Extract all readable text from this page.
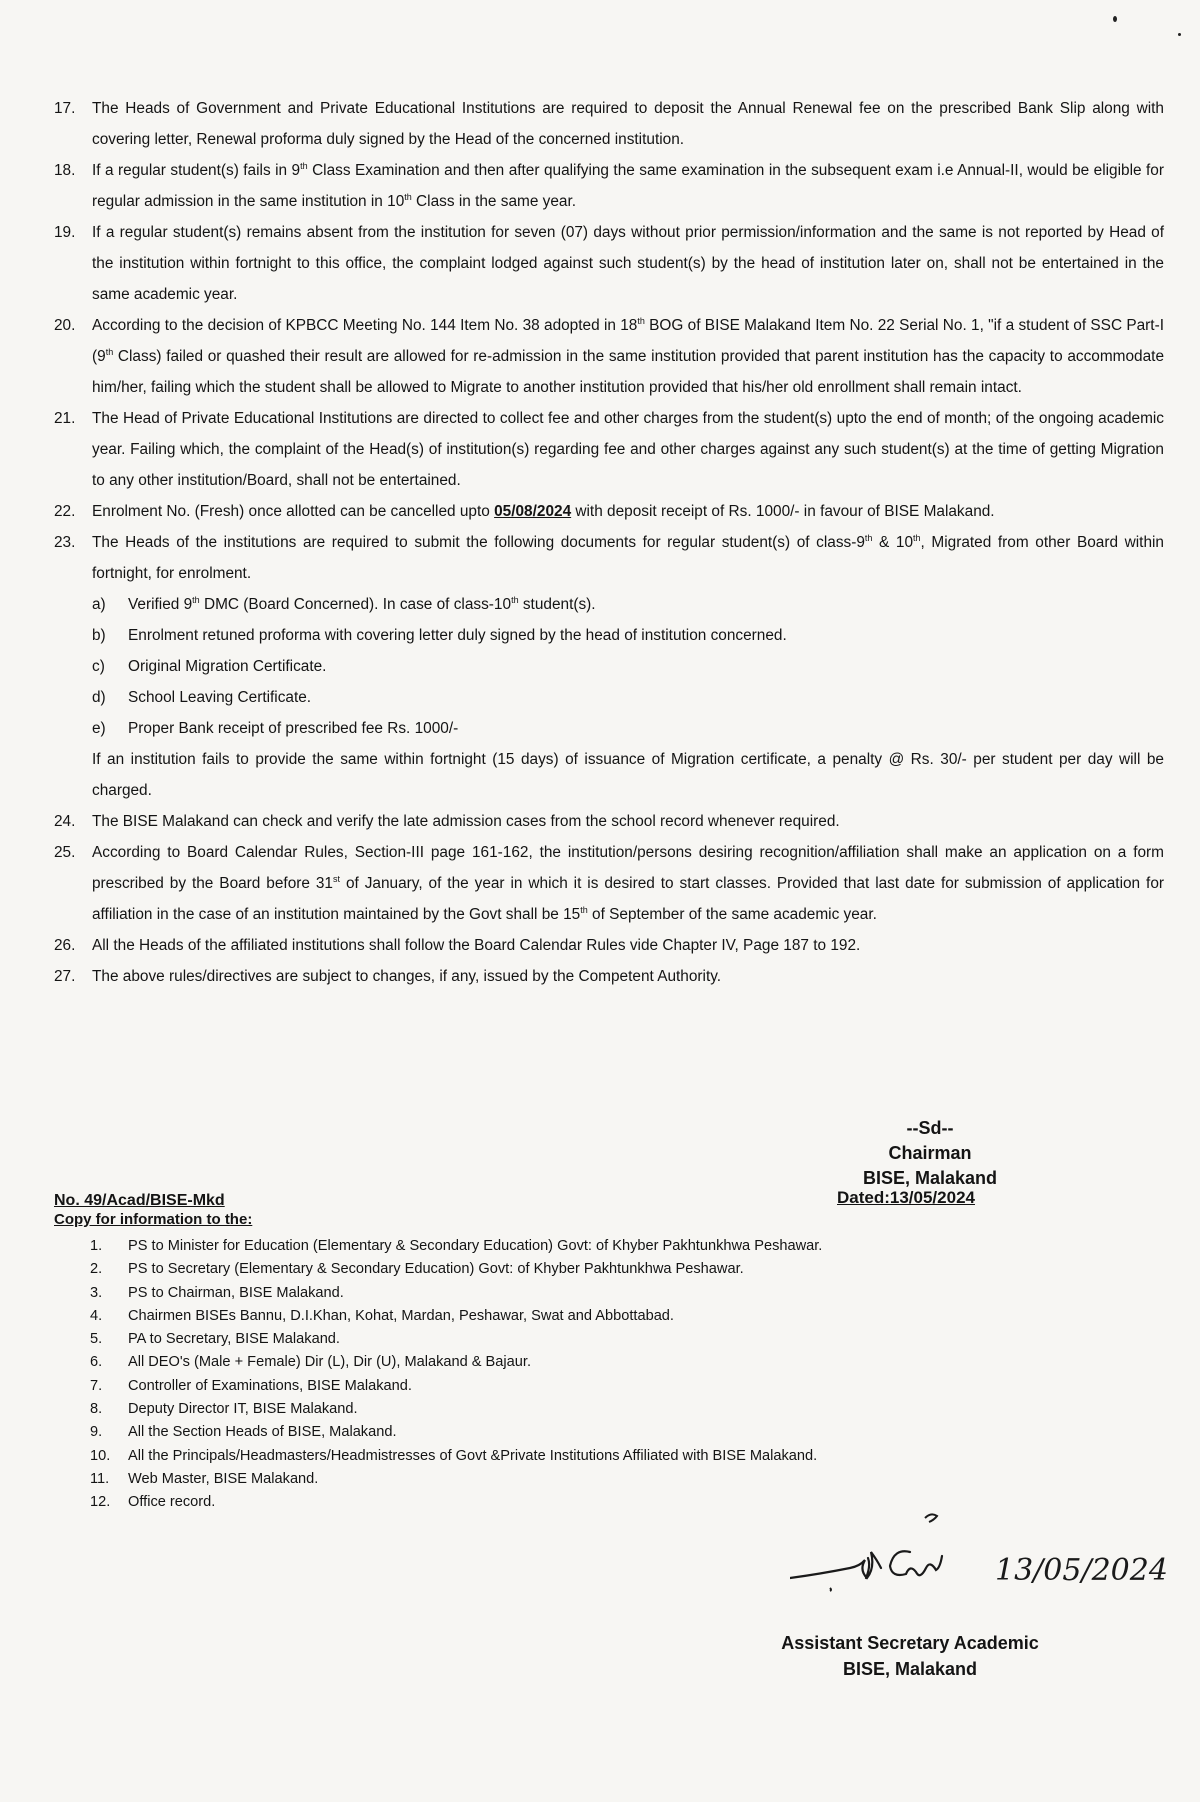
17.	The Heads of Government and Private Educational Institutions are required to deposit the Annual Renewal fee on the prescribed Bank Slip along with covering letter, Renewal proforma duly signed by the Head of the concerned institution.
18.	If a regular student(s) fails in 9th Class Examination and then after qualifying the same examination in the subsequent exam i.e Annual-II, would be eligible for regular admission in the same institution in 10th Class in the same year.
19.	If a regular student(s) remains absent from the institution for seven (07) days without prior permission/information and the same is not reported by Head of the institution within fortnight to this office, the complaint lodged against such student(s) by the head of institution later on, shall not be entertained in the same academic year.
20.	According to the decision of KPBCC Meeting No. 144 Item No. 38 adopted in 18th BOG of BISE Malakand Item No. 22 Serial No. 1, "if a student of SSC Part-I (9th Class) failed or quashed their result are allowed for re-admission in the same institution provided that parent institution has the capacity to accommodate him/her, failing which the student shall be allowed to Migrate to another institution provided that his/her old enrollment shall remain intact.
21.	The Head of Private Educational Institutions are directed to collect fee and other charges from the student(s) upto the end of month; of the ongoing academic year. Failing which, the complaint of the Head(s) of institution(s) regarding fee and other charges against any such student(s) at the time of getting Migration to any other institution/Board, shall not be entertained.
22.	Enrolment No. (Fresh) once allotted can be cancelled upto 05/08/2024 with deposit receipt of Rs. 1000/- in favour of BISE Malakand.
23.	The Heads of the institutions are required to submit the following documents for regular student(s) of class-9th & 10th, Migrated from other Board within fortnight, for enrolment.
a)	Verified 9th DMC (Board Concerned). In case of class-10th student(s).
b)	Enrolment retuned proforma with covering letter duly signed by the head of institution concerned.
c)	Original Migration Certificate.
d)	School Leaving Certificate.
e)	Proper Bank receipt of prescribed fee Rs. 1000/-
If an institution fails to provide the same within fortnight (15 days) of issuance of Migration certificate, a penalty @ Rs. 30/- per student per day will be charged.
24.	The BISE Malakand can check and verify the late admission cases from the school record whenever required.
25.	According to Board Calendar Rules, Section-III page 161-162, the institution/persons desiring recognition/affiliation shall make an application on a form prescribed by the Board before 31st of January, of the year in which it is desired to start classes. Provided that last date for submission of application for affiliation in the case of an institution maintained by the Govt shall be 15th of September of the same academic year.
26.	All the Heads of the affiliated institutions shall follow the Board Calendar Rules vide Chapter IV, Page 187 to 192.
27.	The above rules/directives are subject to changes, if any, issued by the Competent Authority.
--Sd--
Chairman
BISE, Malakand
No. 49/Acad/BISE-Mkd	Dated:13/05/2024
Copy for information to the:
1.	PS to Minister for Education (Elementary & Secondary Education) Govt: of Khyber Pakhtunkhwa Peshawar.
2.	PS to Secretary (Elementary & Secondary Education) Govt: of Khyber Pakhtunkhwa Peshawar.
3.	PS to Chairman, BISE Malakand.
4.	Chairmen BISEs Bannu, D.I.Khan, Kohat, Mardan, Peshawar, Swat and Abbottabad.
5.	PA to Secretary, BISE Malakand.
6.	All DEO's (Male + Female) Dir (L), Dir (U), Malakand & Bajaur.
7.	Controller of Examinations, BISE Malakand.
8.	Deputy Director IT, BISE Malakand.
9.	All the Section Heads of BISE, Malakand.
10.	All the Principals/Headmasters/Headmistresses of Govt &Private Institutions Affiliated with BISE Malakand.
11.	Web Master, BISE Malakand.
12.	Office record.
13/05/2024
Assistant Secretary Academic
BISE, Malakand
